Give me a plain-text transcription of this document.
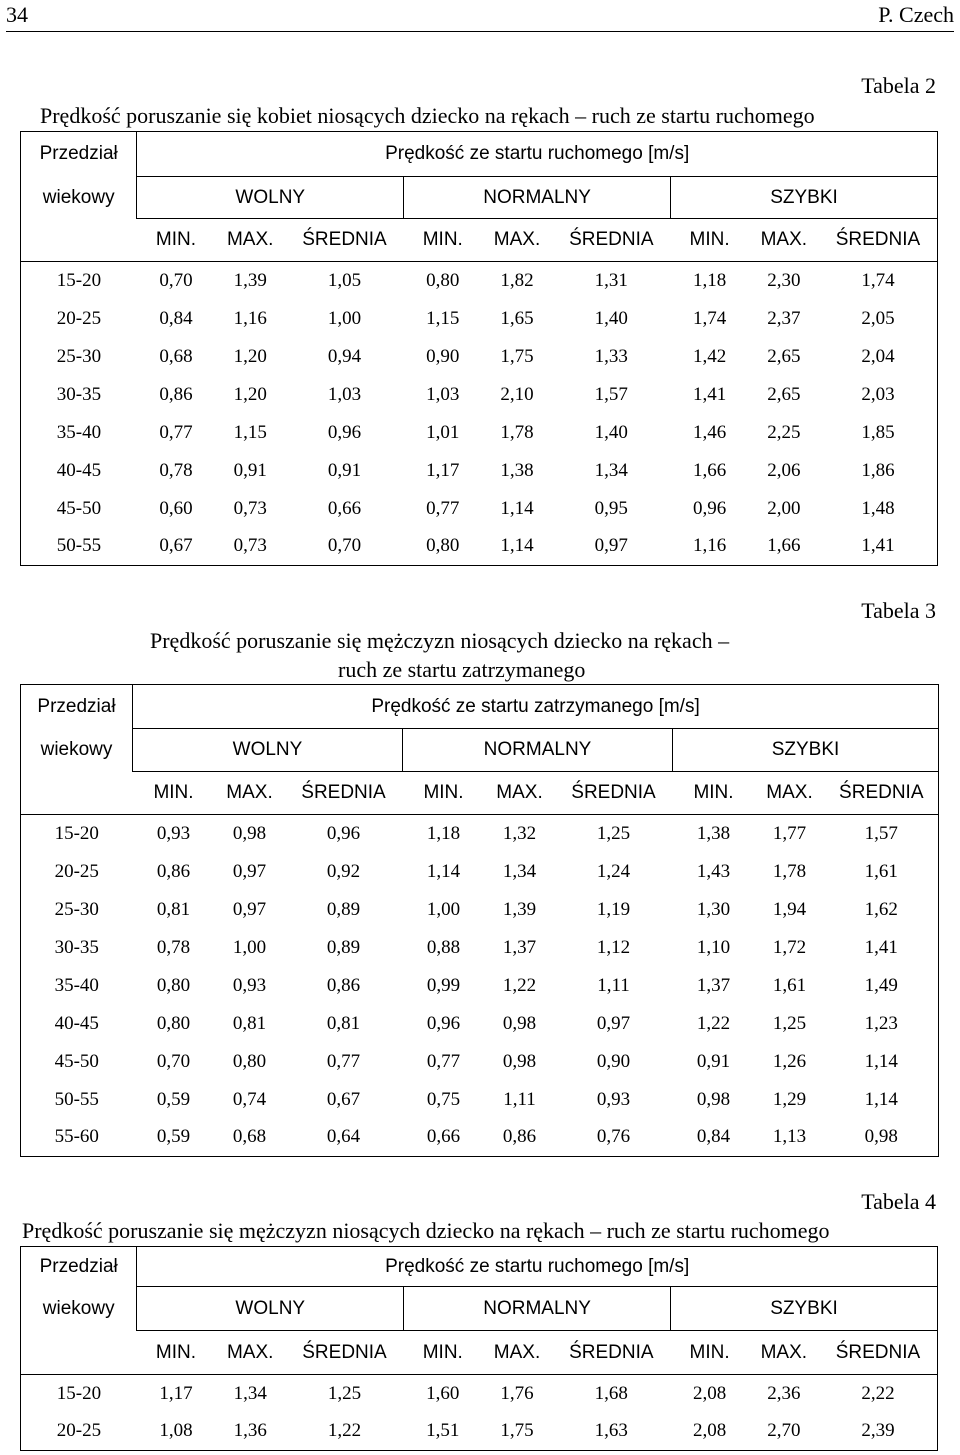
34	P. Czech
Tabela 2
Prędkość poruszanie się kobiet niosących dziecko na rękach – ruch ze startu ruchomego
Przedział	Prędkość ze startu ruchomego [m/s]								
wiekowy	WOLNY			NORMALNY			SZYBKI		
	MIN.	MAX.	ŚREDNIA	MIN.	MAX.	ŚREDNIA	MIN.	MAX.	ŚREDNIA
15-20	0,70	1,39	1,05	0,80	1,82	1,31	1,18	2,30	1,74
20-25	0,84	1,16	1,00	1,15	1,65	1,40	1,74	2,37	2,05
25-30	0,68	1,20	0,94	0,90	1,75	1,33	1,42	2,65	2,04
30-35	0,86	1,20	1,03	1,03	2,10	1,57	1,41	2,65	2,03
35-40	0,77	1,15	0,96	1,01	1,78	1,40	1,46	2,25	1,85
40-45	0,78	0,91	0,91	1,17	1,38	1,34	1,66	2,06	1,86
45-50	0,60	0,73	0,66	0,77	1,14	0,95	0,96	2,00	1,48
50-55	0,67	0,73	0,70	0,80	1,14	0,97	1,16	1,66	1,41
Tabela 3
Prędkość poruszanie się mężczyzn niosących dziecko na rękach –
ruch ze startu zatrzymanego
Przedział	Prędkość ze startu zatrzymanego [m/s]								
wiekowy	WOLNY			NORMALNY			SZYBKI		
	MIN.	MAX.	ŚREDNIA	MIN.	MAX.	ŚREDNIA	MIN.	MAX.	ŚREDNIA
15-20	0,93	0,98	0,96	1,18	1,32	1,25	1,38	1,77	1,57
20-25	0,86	0,97	0,92	1,14	1,34	1,24	1,43	1,78	1,61
25-30	0,81	0,97	0,89	1,00	1,39	1,19	1,30	1,94	1,62
30-35	0,78	1,00	0,89	0,88	1,37	1,12	1,10	1,72	1,41
35-40	0,80	0,93	0,86	0,99	1,22	1,11	1,37	1,61	1,49
40-45	0,80	0,81	0,81	0,96	0,98	0,97	1,22	1,25	1,23
45-50	0,70	0,80	0,77	0,77	0,98	0,90	0,91	1,26	1,14
50-55	0,59	0,74	0,67	0,75	1,11	0,93	0,98	1,29	1,14
55-60	0,59	0,68	0,64	0,66	0,86	0,76	0,84	1,13	0,98
Tabela 4
Prędkość poruszanie się mężczyzn niosących dziecko na rękach – ruch ze startu ruchomego
Przedział	Prędkość ze startu ruchomego [m/s]								
wiekowy	WOLNY			NORMALNY			SZYBKI		
	MIN.	MAX.	ŚREDNIA	MIN.	MAX.	ŚREDNIA	MIN.	MAX.	ŚREDNIA
15-20	1,17	1,34	1,25	1,60	1,76	1,68	2,08	2,36	2,22
20-25	1,08	1,36	1,22	1,51	1,75	1,63	2,08	2,70	2,39
